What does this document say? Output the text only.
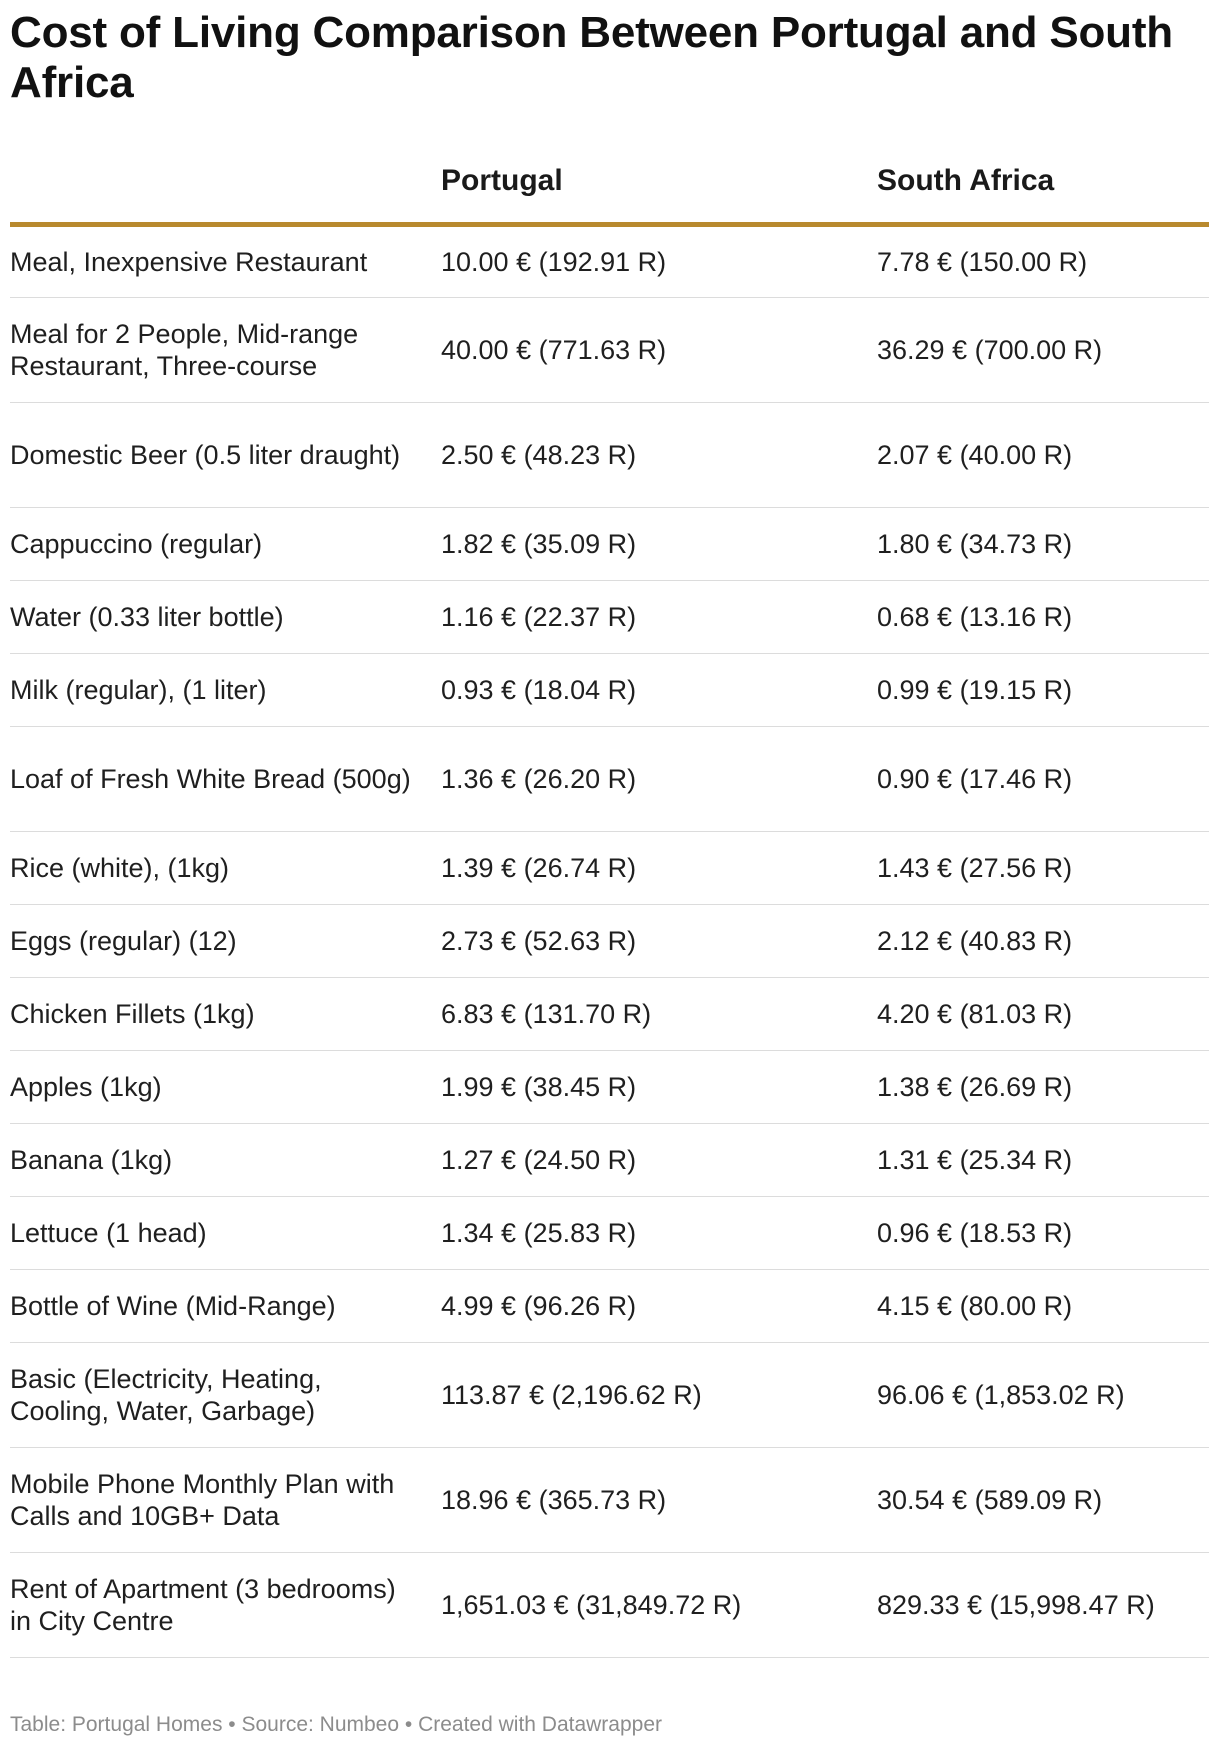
Cost of Living Comparison Between Portugal and South Africa
	Portugal	South Africa
Meal, Inexpensive Restaurant	10.00 € (192.91 R)	7.78 € (150.00 R)
Meal for 2 People, Mid-range Restaurant, Three-course	40.00 € (771.63 R)	36.29 € (700.00 R)
Domestic Beer (0.5 liter draught)	2.50 € (48.23 R)	2.07 € (40.00 R)
Cappuccino (regular)	1.82 € (35.09 R)	1.80 € (34.73 R)
Water (0.33 liter bottle)	1.16 € (22.37 R)	0.68 € (13.16 R)
Milk (regular), (1 liter)	0.93 € (18.04 R)	0.99 € (19.15 R)
Loaf of Fresh White Bread (500g)	1.36 € (26.20 R)	0.90 € (17.46 R)
Rice (white), (1kg)	1.39 € (26.74 R)	1.43 € (27.56 R)
Eggs (regular) (12)	2.73 € (52.63 R)	2.12 € (40.83 R)
Chicken Fillets (1kg)	6.83 € (131.70 R)	4.20 € (81.03 R)
Apples (1kg)	1.99 € (38.45 R)	1.38 € (26.69 R)
Banana (1kg)	1.27 € (24.50 R)	1.31 € (25.34 R)
Lettuce (1 head)	1.34 € (25.83 R)	0.96 € (18.53 R)
Bottle of Wine (Mid-Range)	4.99 € (96.26 R)	4.15 € (80.00 R)
Basic (Electricity, Heating, Cooling, Water, Garbage)	113.87 € (2,196.62 R)	96.06 € (1,853.02 R)
Mobile Phone Monthly Plan with Calls and 10GB+ Data	18.96 € (365.73 R)	30.54 € (589.09 R)
Rent of Apartment (3 bedrooms) in City Centre	1,651.03 € (31,849.72 R)	829.33 € (15,998.47 R)
Table: Portugal Homes • Source: Numbeo • Created with Datawrapper
